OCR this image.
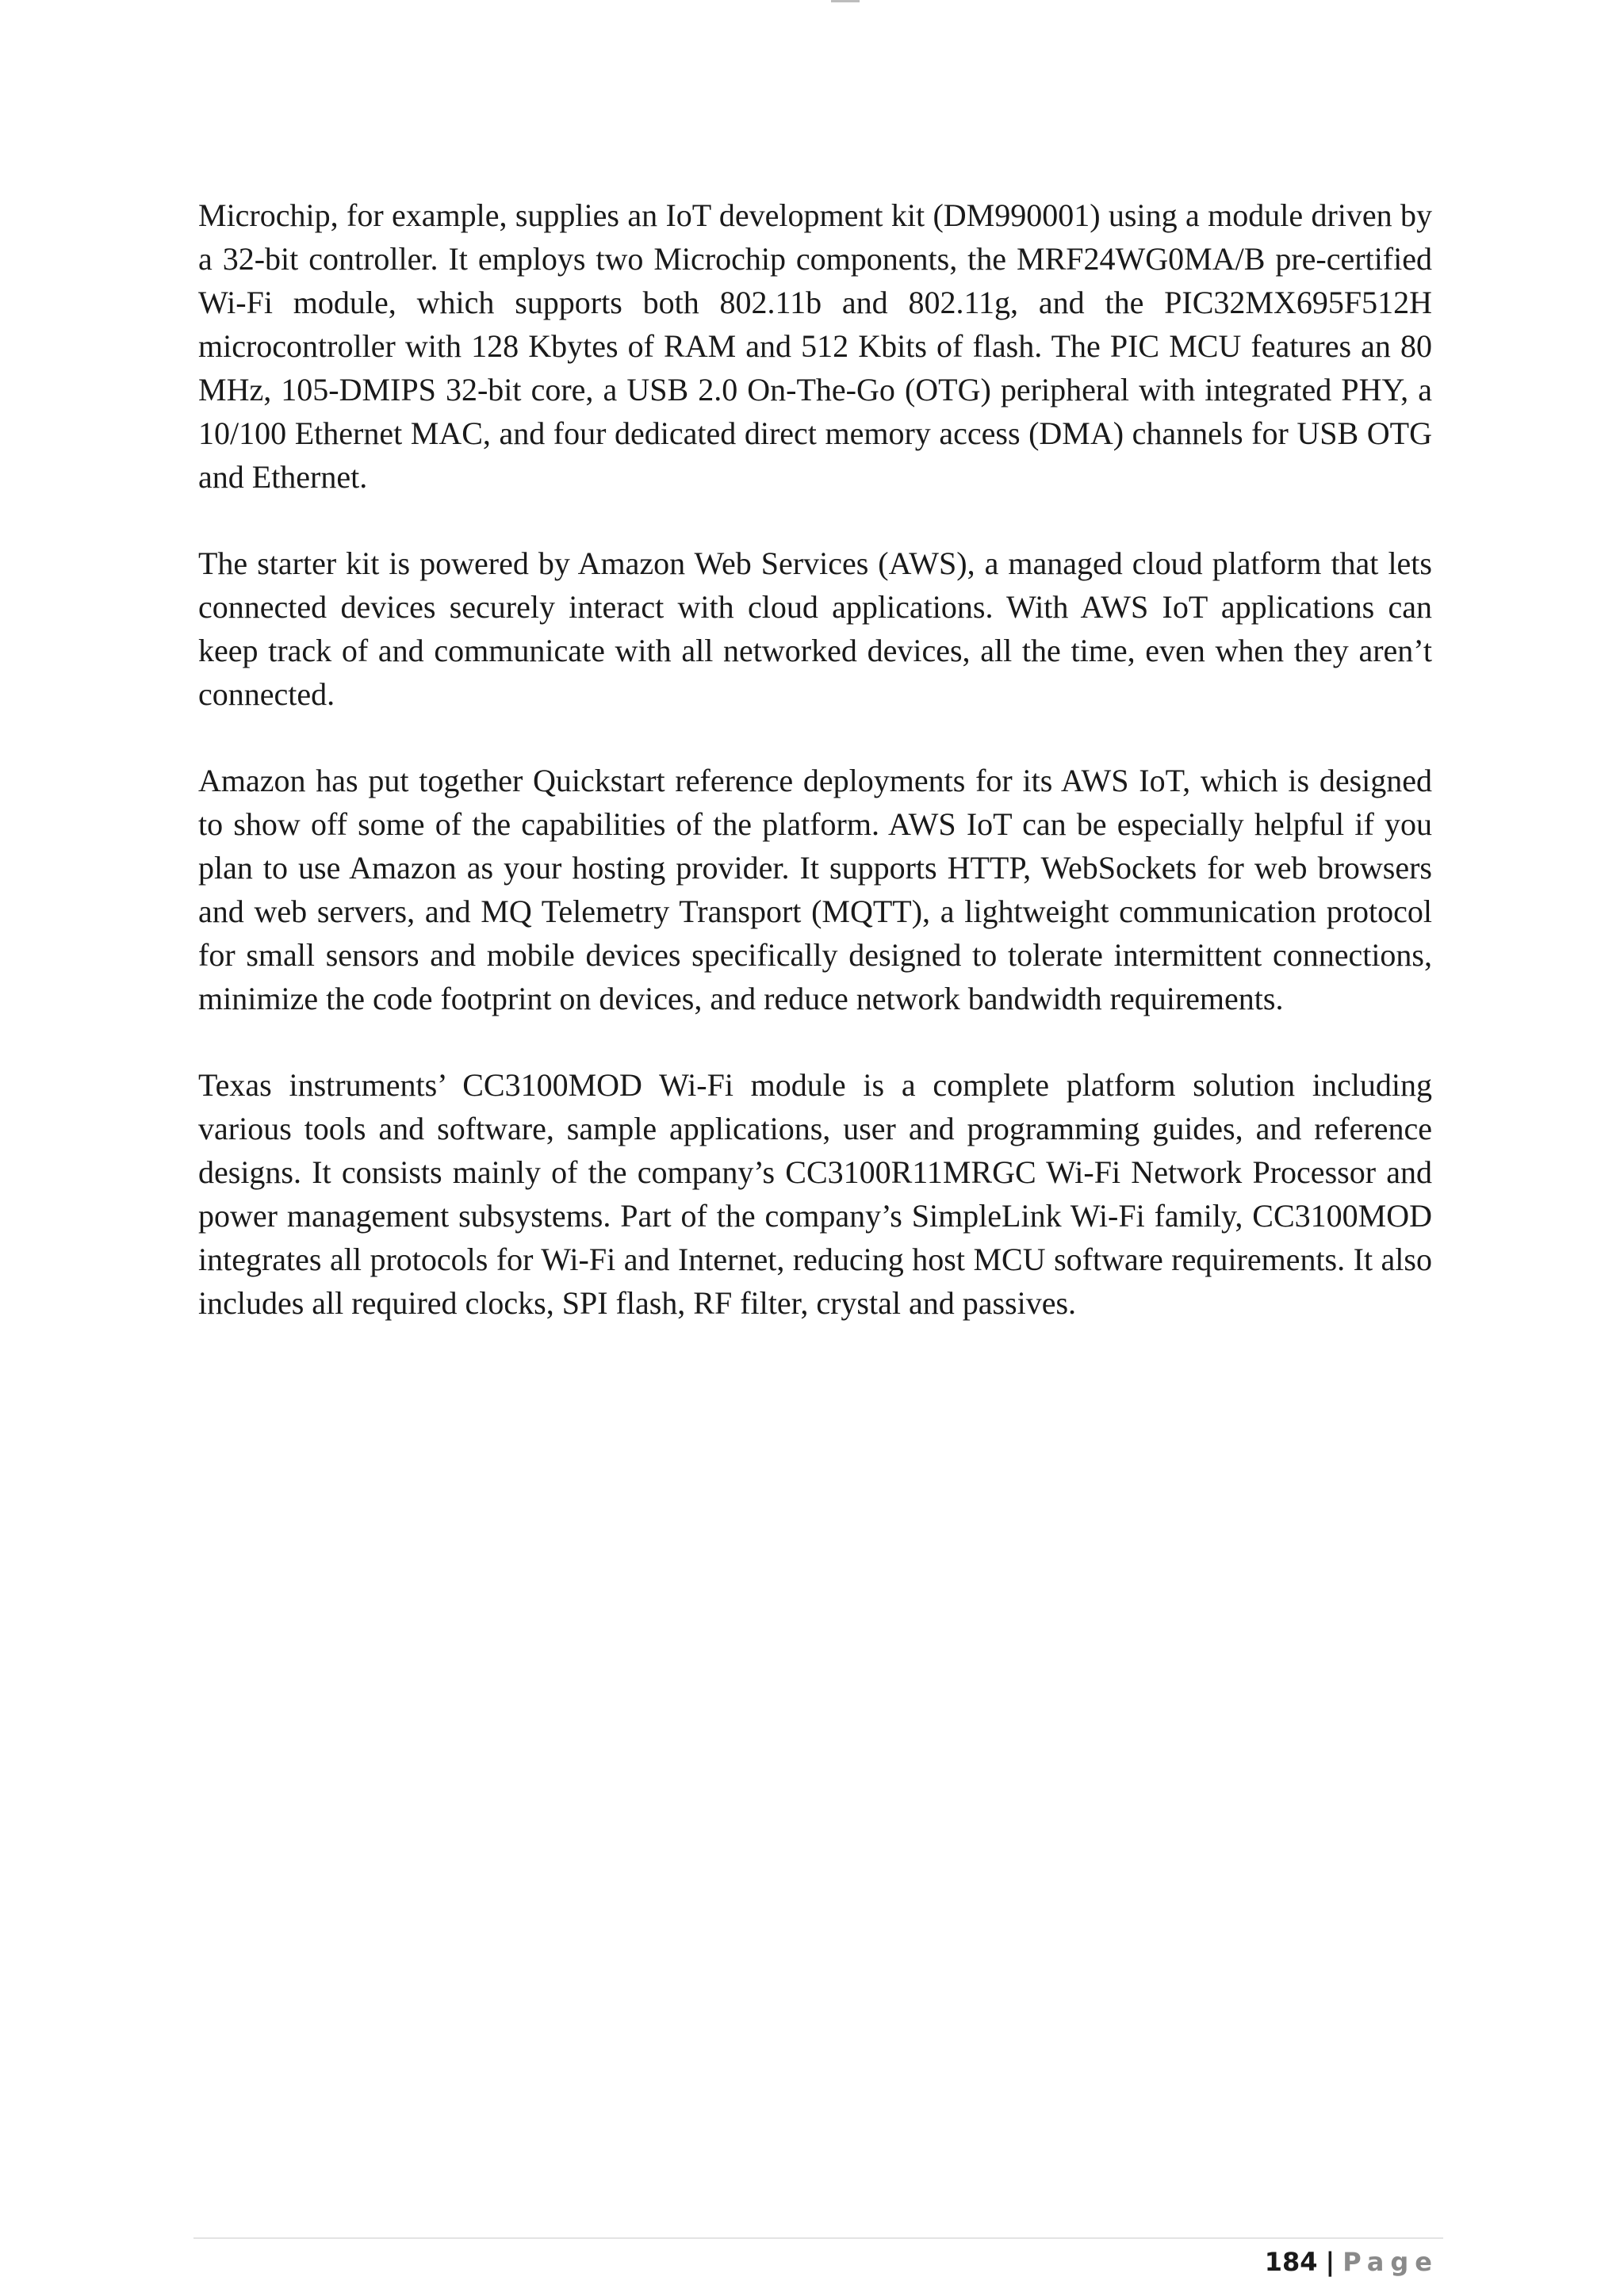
Microchip, for example, supplies an IoT development kit (DM990001) using a module driven by a 32-bit controller. It employs two Microchip components, the MRF24WG0MA/B pre-certified Wi-Fi module, which supports both 802.11b and 802.11g, and the PIC32MX695F512H microcontroller with 128 Kbytes of RAM and 512 Kbits of flash. The PIC MCU features an 80 MHz, 105-DMIPS 32-bit core, a USB 2.0 On-The-Go (OTG) peripheral with integrated PHY, a 10/100 Ethernet MAC, and four dedicated direct memory access (DMA) channels for USB OTG and Ethernet.

The starter kit is powered by Amazon Web Services (AWS), a managed cloud platform that lets connected devices securely interact with cloud applications. With AWS IoT applications can keep track of and communicate with all networked devices, all the time, even when they aren’t connected.

Amazon has put together Quickstart reference deployments for its AWS IoT, which is designed to show off some of the capabilities of the platform. AWS IoT can be especially helpful if you plan to use Amazon as your hosting provider. It supports HTTP, WebSockets for web browsers and web servers, and MQ Telemetry Transport (MQTT), a lightweight communication protocol for small sensors and mobile devices specifically designed to tolerate intermittent connections, minimize the code footprint on devices, and reduce network bandwidth requirements.

Texas instruments’ CC3100MOD Wi-Fi module is a complete platform solution including various tools and software, sample applications, user and programming guides, and reference designs. It consists mainly of the company’s CC3100R11MRGC Wi-Fi Network Processor and power management subsystems. Part of the company’s SimpleLink Wi-Fi family, CC3100MOD integrates all protocols for Wi-Fi and Internet, reducing host MCU software requirements. It also includes all required clocks, SPI flash, RF filter, crystal and passives.

184 | Page
